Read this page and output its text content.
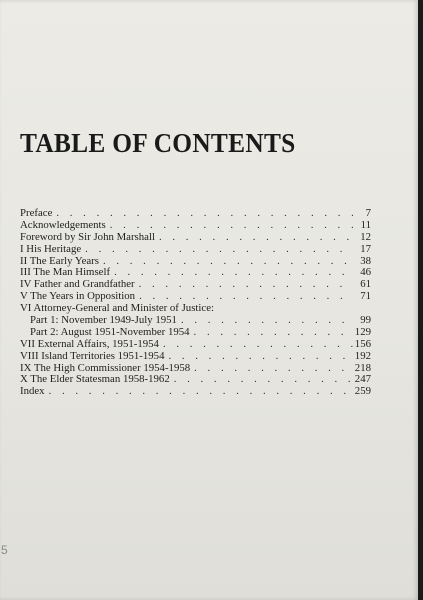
TABLE OF CONTENTS
Preface . . .	7
Acknowledgements . . .	11
Foreword by Sir John Marshall . . .	12
I His Heritage . . .	17
II The Early Years . . .	38
III The Man Himself . . .	46
IV Father and Grandfather . . .	61
V The Years in Opposition . . .	71
VI Attorney-General and Minister of Justice:
Part 1: November 1949-July 1951 . . .	99
Part 2: August 1951-November 1954 . . .	129
VII External Affairs, 1951-1954 . . .	156
VIII Island Territories 1951-1954 . . .	192
IX The High Commissioner 1954-1958 . . .	218
X The Elder Statesman 1958-1962 . . .	247
Index . . .	259
5
